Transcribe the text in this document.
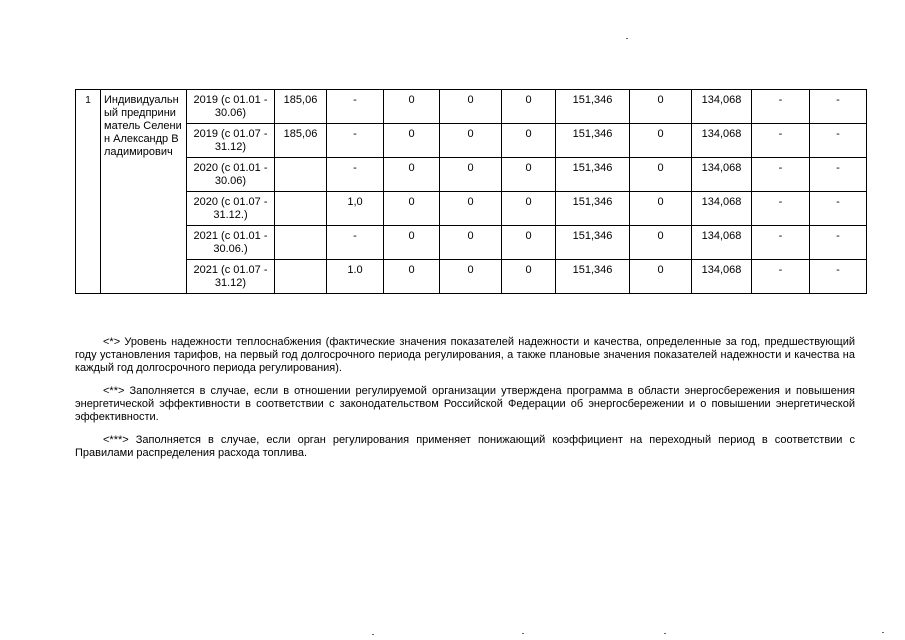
1	Индивидуальный предприниматель Селенин Александр Владимирович	2019 (с 01.01 - 30.06)	185,06	-	0	0	0	151,346	0	134,068	-	-
		2019 (с 01.07 - 31.12)	185,06	-	0	0	0	151,346	0	134,068	-	-
		2020 (с 01.01 - 30.06)		-	0	0	0	151,346	0	134,068	-	-
		2020 (с 01.07 - 31.12.)		1,0	0	0	0	151,346	0	134,068	-	-
		2021 (с 01.01 - 30.06.)		-	0	0	0	151,346	0	134,068	-	-
		2021 (с 01.07 - 31.12)		1.0	0	0	0	151,346	0	134,068	-	-

<*> Уровень надежности теплоснабжения (фактические значения показателей надежности и качества, определенные за год, предшествующий году установления тарифов, на первый год долгосрочного периода регулирования, а также плановые значения показателей надежности и качества на каждый год долгосрочного периода регулирования).

<**> Заполняется в случае, если в отношении регулируемой организации утверждена программа в области энергосбережения и повышения энергетической эффективности в соответствии с законодательством Российской Федерации об энергосбережении и о повышении энергетической эффективности.

<***> Заполняется в случае, если орган регулирования применяет понижающий коэффициент на переходный период в соответствии с Правилами распределения расхода топлива.
